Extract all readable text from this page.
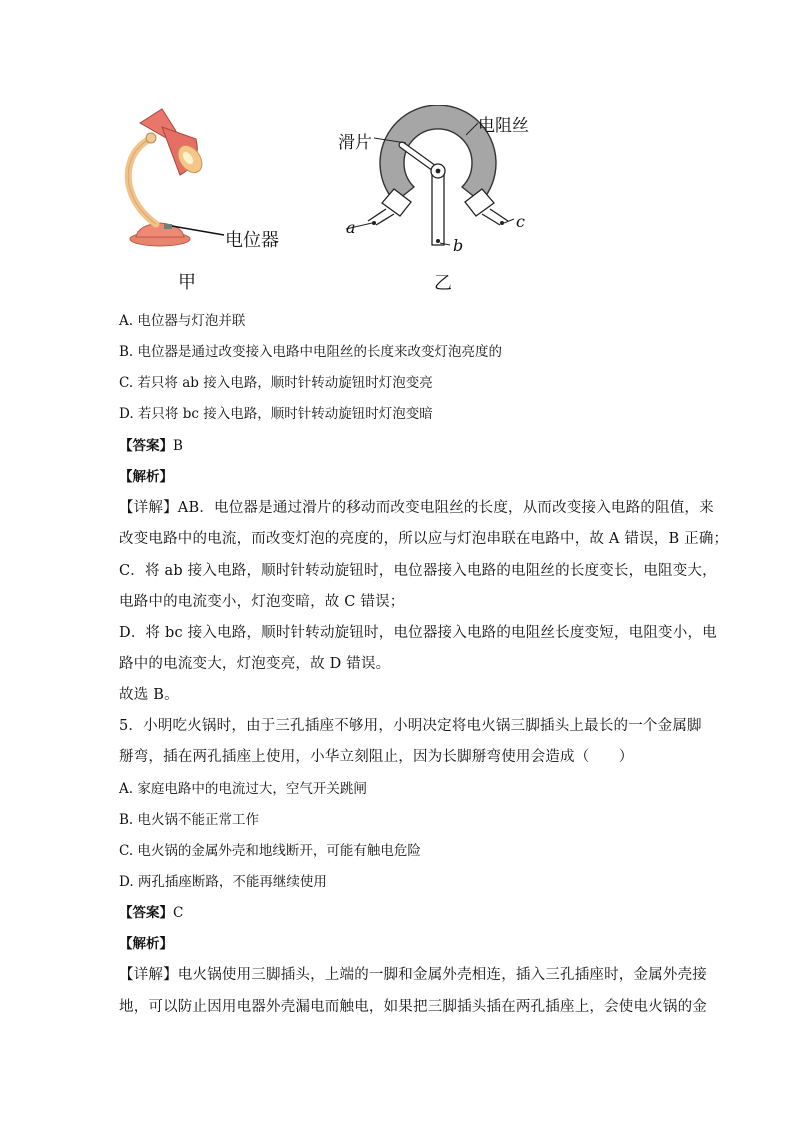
电位器
甲
滑片
电阻丝
a
b
c
乙
A. 电位器与灯泡并联
B. 电位器是通过改变接入电路中电阻丝的长度来改变灯泡亮度的
C. 若只将 ab 接入电路，顺时针转动旋钮时灯泡变亮
D. 若只将 bc 接入电路，顺时针转动旋钮时灯泡变暗
【答案】B
【解析】
【详解】AB．电位器是通过滑片的移动而改变电阻丝的长度，从而改变接入电路的阻值，来
改变电路中的电流，而改变灯泡的亮度的，所以应与灯泡串联在电路中，故 A 错误，B 正确；
C．将 ab 接入电路，顺时针转动旋钮时，电位器接入电路的电阻丝的长度变长，电阻变大，
电路中的电流变小，灯泡变暗，故 C 错误；
D．将 bc 接入电路，顺时针转动旋钮时，电位器接入电路的电阻丝长度变短，电阻变小，电
路中的电流变大，灯泡变亮，故 D 错误。
故选 B。
5．小明吃火锅时，由于三孔插座不够用，小明决定将电火锅三脚插头上最长的一个金属脚
掰弯，插在两孔插座上使用，小华立刻阻止，因为长脚掰弯使用会造成（　　）
A. 家庭电路中的电流过大，空气开关跳闸
B. 电火锅不能正常工作
C. 电火锅的金属外壳和地线断开，可能有触电危险
D. 两孔插座断路，不能再继续使用
【答案】C
【解析】
【详解】电火锅使用三脚插头，上端的一脚和金属外壳相连，插入三孔插座时，金属外壳接
地，可以防止因用电器外壳漏电而触电，如果把三脚插头插在两孔插座上，会使电火锅的金
